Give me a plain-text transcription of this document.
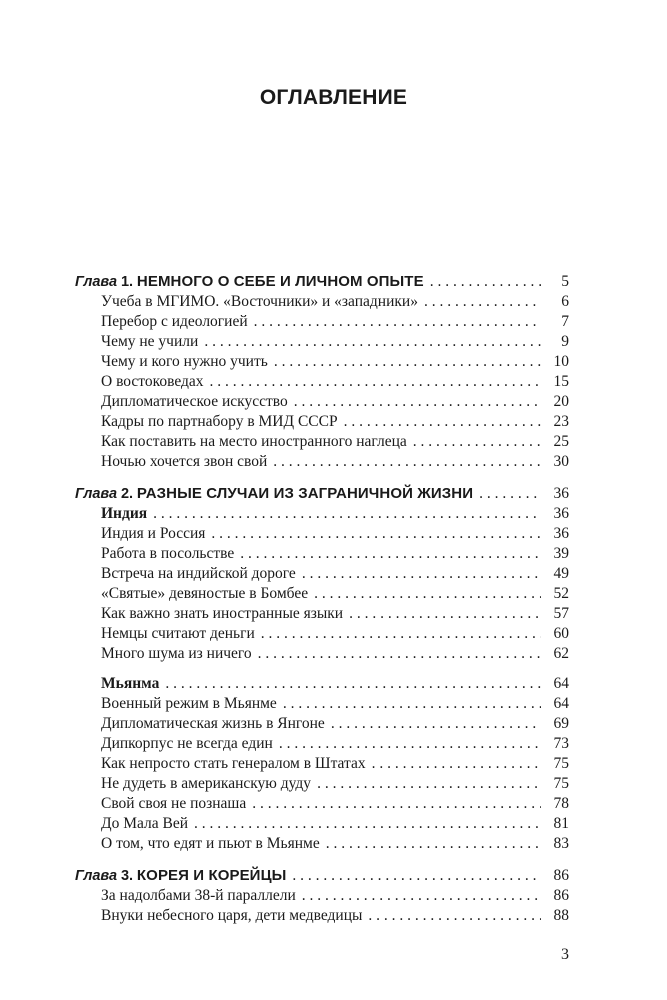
ОГЛАВЛЕНИЕ
Глава 1. НЕМНОГО О СЕБЕ И ЛИЧНОМ ОПЫТЕ . . .	5
Учеба в МГИМО. «Восточники» и «западники» . . .	6
Перебор с идеологией . . .	7
Чему не учили . . .	9
Чему и кого нужно учить . . .	10
О востоковедах . . .	15
Дипломатическое искусство . . .	20
Кадры по партнабору в МИД СССР . . .	23
Как поставить на место иностранного наглеца . . .	25
Ночью хочется звон свой . . .	30
Глава 2. РАЗНЫЕ СЛУЧАИ ИЗ ЗАГРАНИЧНОЙ ЖИЗНИ . . .	36
Индия . . .	36
Индия и Россия . . .	36
Работа в посольстве . . .	39
Встреча на индийской дороге . . .	49
«Святые» девяностые в Бомбее . . .	52
Как важно знать иностранные языки . . .	57
Немцы считают деньги . . .	60
Много шума из ничего . . .	62
Мьянма . . .	64
Военный режим в Мьянме . . .	64
Дипломатическая жизнь в Янгоне . . .	69
Дипкорпус не всегда един . . .	73
Как непросто стать генералом в Штатах . . .	75
Не дудеть в американскую дуду . . .	75
Свой своя не познаша . . .	78
До Мала Вей . . .	81
О том, что едят и пьют в Мьянме . . .	83
Глава 3. КОРЕЯ И КОРЕЙЦЫ . . .	86
За надолбами 38-й параллели . . .	86
Внуки небесного царя, дети медведицы . . .	88
3
